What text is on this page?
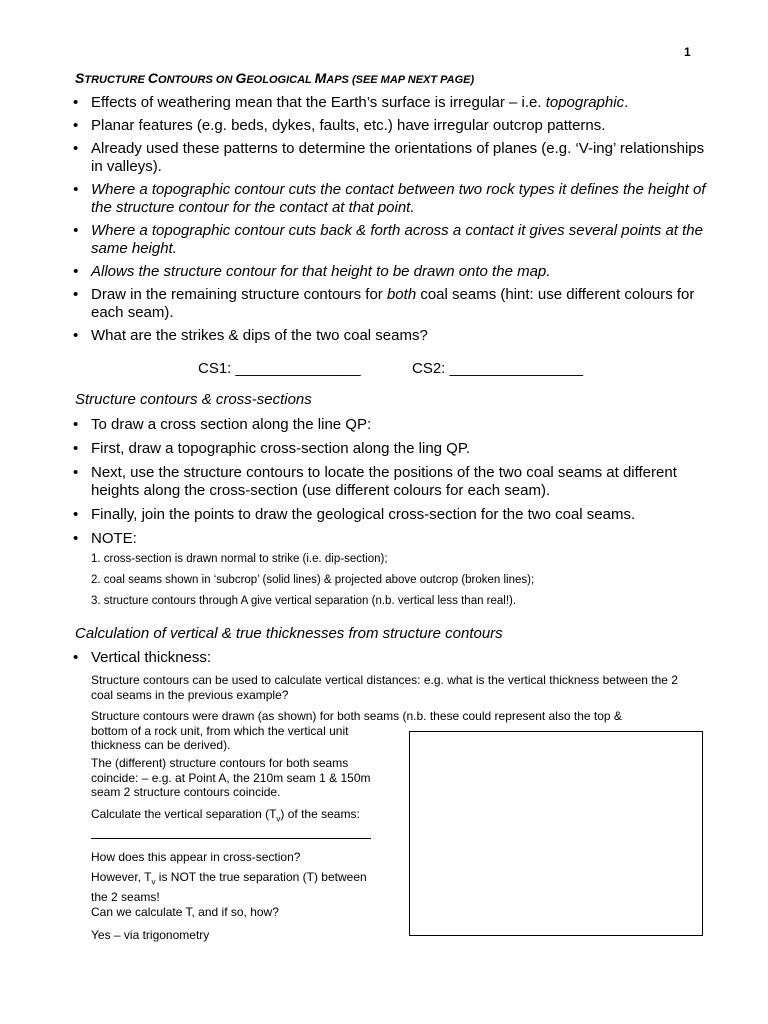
1
STRUCTURE CONTOURS ON GEOLOGICAL MAPS (SEE MAP NEXT PAGE)
• Effects of weathering mean that the Earth’s surface is irregular – i.e. topographic.
• Planar features (e.g. beds, dykes, faults, etc.) have irregular outcrop patterns.
• Already used these patterns to determine the orientations of planes (e.g. ‘V-ing’ relationships in valleys).
• Where a topographic contour cuts the contact between two rock types it defines the height of the structure contour for the contact at that point.
• Where a topographic contour cuts back & forth across a contact it gives several points at the same height.
• Allows the structure contour for that height to be drawn onto the map.
• Draw in the remaining structure contours for both coal seams (hint: use different colours for each seam).
• What are the strikes & dips of the two coal seams?
CS1: _______________	CS2: ________________
Structure contours & cross-sections
• To draw a cross section along the line QP:
• First, draw a topographic cross-section along the ling QP.
• Next, use the structure contours to locate the positions of the two coal seams at different heights along the cross-section (use different colours for each seam).
• Finally, join the points to draw the geological cross-section for the two coal seams.
• NOTE:
1. cross-section is drawn normal to strike (i.e. dip-section);
2. coal seams shown in ‘subcrop’ (solid lines) & projected above outcrop (broken lines);
3. structure contours through A give vertical separation (n.b. vertical less than real!).
Calculation of vertical & true thicknesses from structure contours
• Vertical thickness:
Structure contours can be used to calculate vertical distances: e.g. what is the vertical thickness between the 2 coal seams in the previous example?
Structure contours were drawn (as shown) for both seams (n.b. these could represent also the top &
bottom of a rock unit, from which the vertical unit
thickness can be derived).
The (different) structure contours for both seams
coincide: – e.g. at Point A, the 210m seam 1 & 150m
seam 2 structure contours coincide.
Calculate the vertical separation $(T_v)$ of the seams:
How does this appear in cross-section?
However, $T_v$ is NOT the true separation (T) between
the 2 seams!
Can we calculate T, and if so, how?
Yes – via trigonometry
